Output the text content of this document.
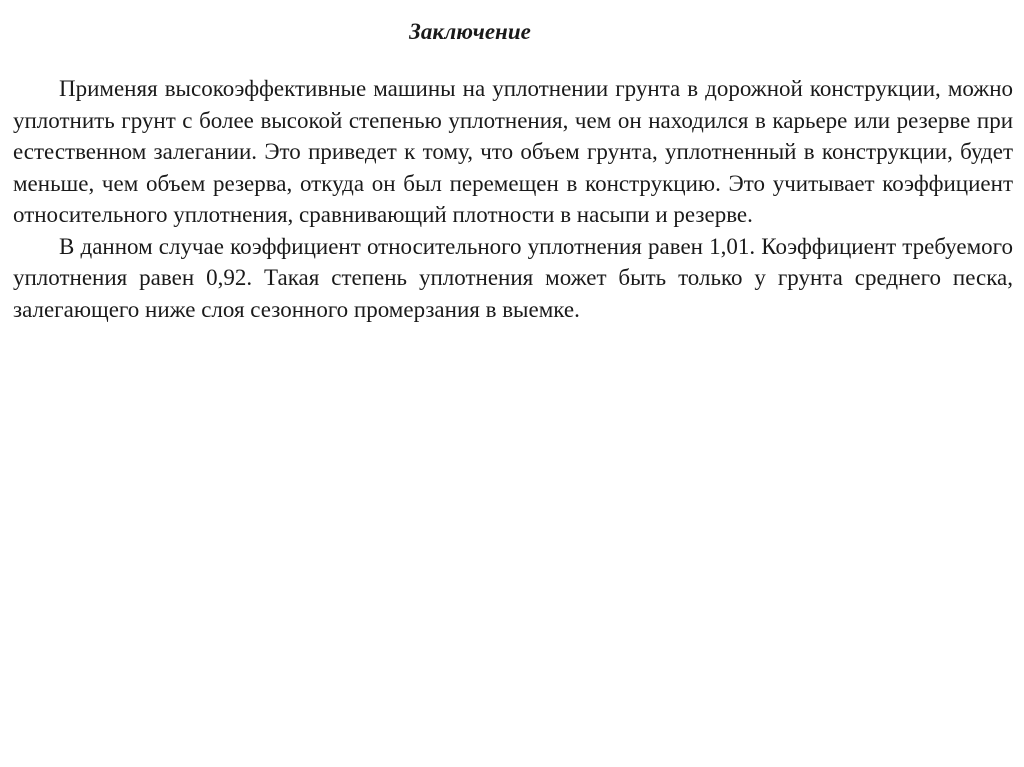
Заключение

Применяя высокоэффективные машины на уплотнении грунта в дорожной конструкции, можно уплотнить грунт с более высокой степенью уплотнения, чем он находился в карьере или резерве при естественном залегании. Это приведет к тому, что объем грунта, уплотненный в конструкции, будет меньше, чем объем резерва, откуда он был перемещен в конструкцию. Это учитывает коэффициент относительного уплотнения, сравнивающий плотности в насыпи и резерве.

В данном случае коэффициент относительного уплотнения равен 1,01. Коэффициент требуемого уплотнения равен 0,92. Такая степень уплотнения может быть только у грунта среднего песка, залегающего ниже слоя сезонного промерзания в выемке.
